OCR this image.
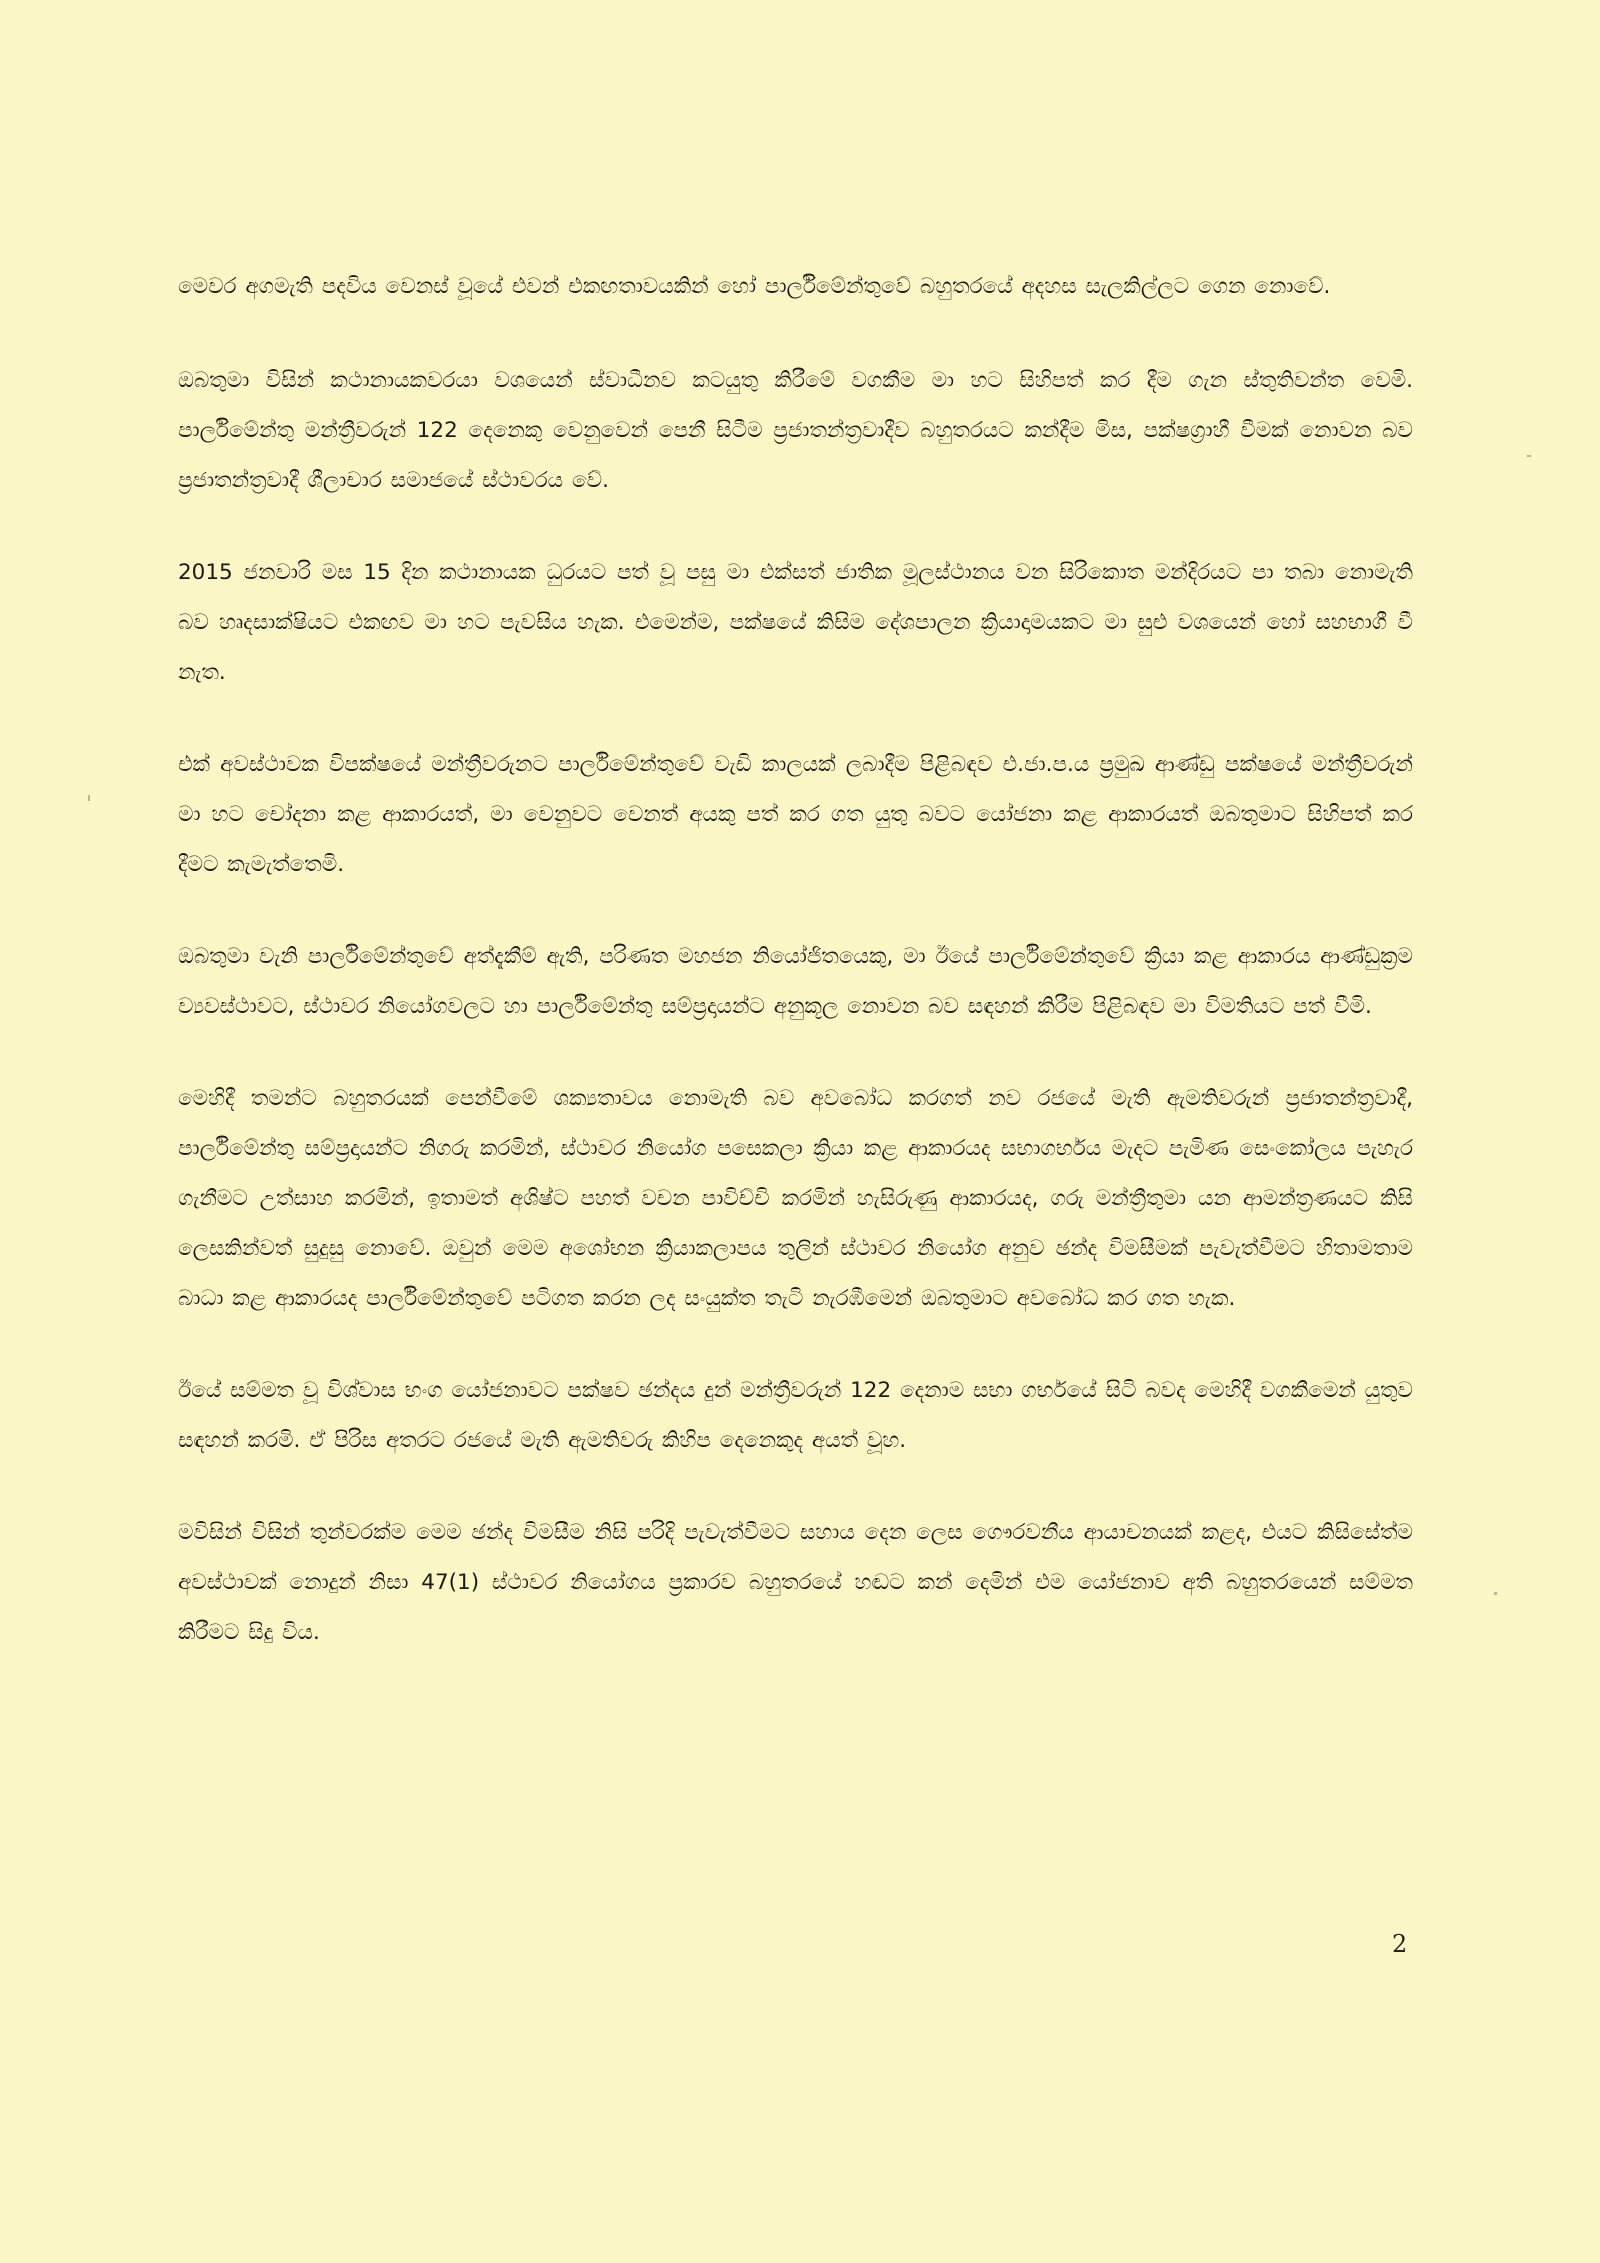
මෙවර අගමැති පදවිය වෙනස් වූයේ එවන් එකඟතාවයකින් හෝ පාර්ලිමේන්තුවේ බහුතරයේ අදහස සැලකිල්ලට ගෙන නොවේ.

ඔබතුමා විසින් කථානායකවරයා වශයෙන් ස්වාධීනව කටයුතු කිරීමේ වගකීම මා හට සිහිපත් කර දීම ගැන ස්තුතිවන්ත වෙමි. පාර්ලිමේන්තු මන්ත්‍රීවරුන් 122 දෙනෙකු වෙනුවෙන් පෙනී සිටීම ප්‍රජාතන්ත්‍රවාදීව බහුතරයට කන්දීම මිස, පක්ෂග්‍රාහී වීමක් නොවන බව ප්‍රජාතන්ත්‍රවාදී ශීලාචාර සමාජයේ ස්ථාවරය වේ.

2015 ජනවාරි මස 15 දින කථානායක ධුරයට පත් වූ පසු මා එක්සත් ජාතික මූලස්ථානය වන සිරිකොත මන්දිරයට පා තබා නොමැති බව හෘදසාක්ෂියට එකඟව මා හට පැවසිය හැක. එමෙන්ම, පක්ෂයේ කිසිම දේශපාලන ක්‍රියාදාමයකට මා සුළු වශයෙන් හෝ සහභාගී වී නැත.

එක් අවස්ථාවක විපක්ෂයේ මන්ත්‍රීවරුනට පාර්ලිමේන්තුවේ වැඩි කාලයක් ලබාදීම පිළිබඳව එ.ජා.ප.ය ප්‍රමුඛ ආණ්ඩු පක්ෂයේ මන්ත්‍රීවරුන් මා හට චෝදනා කළ ආකාරයත්, මා වෙනුවට වෙනත් අයකු පත් කර ගත යුතු බවට යෝජනා කළ ආකාරයත් ඔබතුමාට සිහිපත් කර දීමට කැමැත්තෙමි.

ඔබතුමා වැනි පාර්ලිමේන්තුවේ අත්දැකීම් ඇති, පරිණත මහජන නියෝජිතයෙකු, මා ඊයේ පාර්ලිමේන්තුවේ ක්‍රියා කළ ආකාරය ආණ්ඩුක්‍රම ව්‍යවස්ථාවට, ස්ථාවර නියෝගවලට හා පාර්ලිමේන්තු සම්ප්‍රදායන්ට අනුකූල නොවන බව සඳහන් කිරීම පිළිබඳව මා විමතියට පත් වීමි.

මෙහිදී තමන්ට බහුතරයක් පෙන්වීමේ ශක්‍යතාවය නොමැති බව අවබෝධ කරගත් නව රජයේ මැති ඇමතිවරුන් ප්‍රජාතන්ත්‍රවාදී, පාර්ලිමේන්තු සම්ප්‍රදායන්ට නිගරු කරමින්, ස්ථාවර නියෝග පසෙකලා ක්‍රියා කළ ආකාරයද සභාගර්භය මැදට පැමිණ සෙංකෝලය පැහැර ගැනීමට උත්සාහ කරමින්, ඉතාමත් අශිෂ්ට පහත් වචන පාවිච්චි කරමින් හැසිරුණු ආකාරයද, ගරු මන්ත්‍රීතුමා යන ආමන්ත්‍රණයට කිසි ලෙසකින්වත් සුදුසු නොවේ. ඔවුන් මෙම අශෝභන ක්‍රියාකලාපය තුලින් ස්ථාවර නියෝග අනුව ඡන්ද විමසීමක් පැවැත්වීමට හිතාමතාම බාධා කළ ආකාරයද පාර්ලිමේන්තුවේ පටිගත කරන ලද සංයුක්ත තැටි නැරඹීමෙන් ඔබතුමාට අවබෝධ කර ගත හැක.

ඊයේ සම්මත වූ විශ්වාස භංග යෝජනාවට පක්ෂව ඡන්දය දුන් මන්ත්‍රීවරුන් 122 දෙනාම සභා ගර්භයේ සිටි බවද මෙහිදී වගකීමෙන් යුතුව සඳහන් කරමි. ඒ පිරිස අතරට රජයේ මැති ඇමතිවරු කිහිප දෙනෙකුද අයත් වූහ.

මවිසින් විසින් තුන්වරක්ම මෙම ඡන්ද විමසීම නිසි පරිදි පැවැත්වීමට සහාය දෙන ලෙස ගෞරවනීය ආයාචනයක් කළද, එයට කිසිසේත්ම අවස්ථාවක් නොදුන් නිසා 47(1) ස්ථාවර නියෝගය ප්‍රකාරව බහුතරයේ හඬට කන් දෙමින් එම යෝජනාව අති බහුතරයෙන් සම්මත කිරීමට සිදු විය.

2
